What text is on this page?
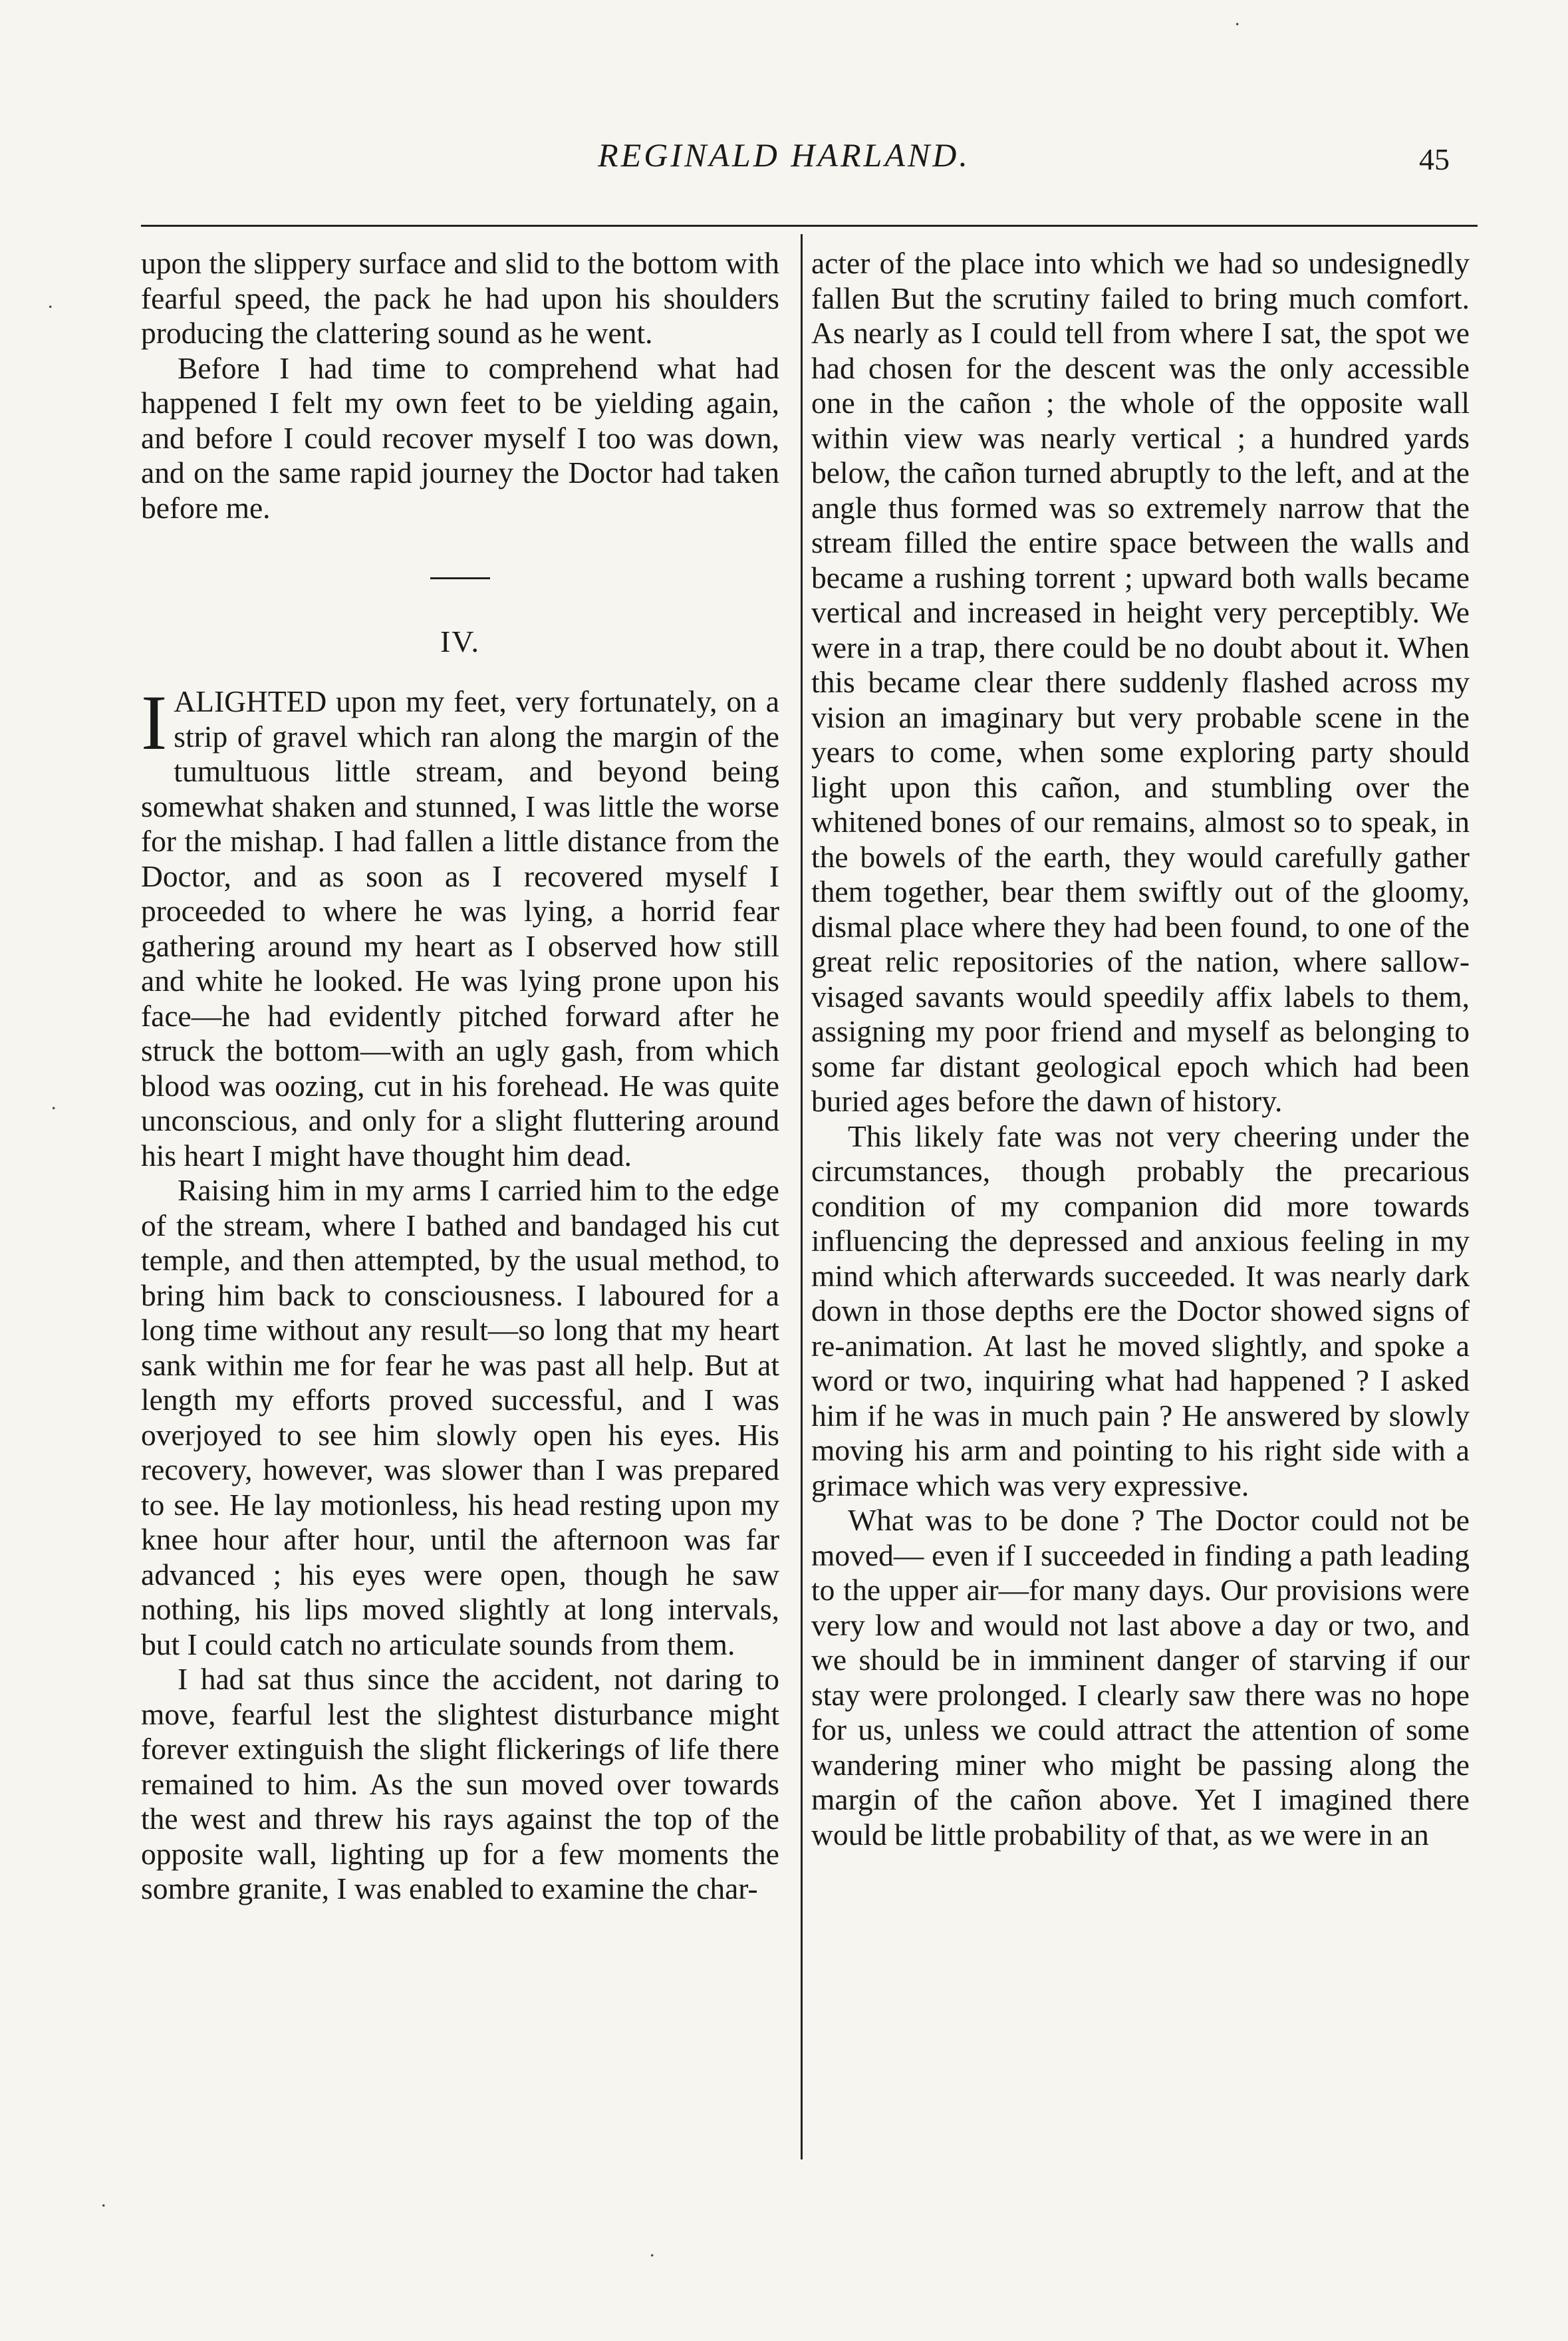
REGINALD HARLAND.	45

upon the slippery surface and slid to the bottom with fearful speed, the pack he had upon his shoulders producing the clattering sound as he went.

Before I had time to comprehend what had happened I felt my own feet to be yielding again, and before I could recover myself I too was down, and on the same rapid journey the Doctor had taken before me.

IV.

IALIGHTED upon my feet, very fortunately, on a strip of gravel which ran along the margin of the tumultuous little stream, and beyond being somewhat shaken and stunned, I was little the worse for the mishap. I had fallen a little distance from the Doctor, and as soon as I recovered myself I proceeded to where he was lying, a horrid fear gathering around my heart as I observed how still and white he looked. He was lying prone upon his face—he had evidently pitched forward after he struck the bottom—with an ugly gash, from which blood was oozing, cut in his forehead. He was quite unconscious, and only for a slight fluttering around his heart I might have thought him dead.

Raising him in my arms I carried him to the edge of the stream, where I bathed and bandaged his cut temple, and then attempted, by the usual method, to bring him back to consciousness. I laboured for a long time without any result—so long that my heart sank within me for fear he was past all help. But at length my efforts proved successful, and I was overjoyed to see him slowly open his eyes. His recovery, however, was slower than I was prepared to see. He lay motionless, his head resting upon my knee hour after hour, until the afternoon was far advanced ; his eyes were open, though he saw nothing, his lips moved slightly at long intervals, but I could catch no articulate sounds from them.

I had sat thus since the accident, not daring to move, fearful lest the slightest disturbance might forever extinguish the slight flickerings of life there remained to him. As the sun moved over towards the west and threw his rays against the top of the opposite wall, lighting up for a few moments the sombre granite, I was enabled to examine the char-

acter of the place into which we had so undesignedly fallen But the scrutiny failed to bring much comfort. As nearly as I could tell from where I sat, the spot we had chosen for the descent was the only accessible one in the cañon ; the whole of the opposite wall within view was nearly vertical ; a hundred yards below, the cañon turned abruptly to the left, and at the angle thus formed was so extremely narrow that the stream filled the entire space between the walls and became a rushing torrent ; upward both walls became vertical and increased in height very perceptibly. We were in a trap, there could be no doubt about it. When this became clear there suddenly flashed across my vision an imaginary but very probable scene in the years to come, when some exploring party should light upon this cañon, and stumbling over the whitened bones of our remains, almost so to speak, in the bowels of the earth, they would carefully gather them together, bear them swiftly out of the gloomy, dismal place where they had been found, to one of the great relic repositories of the nation, where sallow-visaged savants would speedily affix labels to them, assigning my poor friend and myself as belonging to some far distant geological epoch which had been buried ages before the dawn of history.

This likely fate was not very cheering under the circumstances, though probably the precarious condition of my companion did more towards influencing the depressed and anxious feeling in my mind which afterwards succeeded. It was nearly dark down in those depths ere the Doctor showed signs of re-animation. At last he moved slightly, and spoke a word or two, inquiring what had happened ? I asked him if he was in much pain ? He answered by slowly moving his arm and pointing to his right side with a grimace which was very expressive.

What was to be done ? The Doctor could not be moved— even if I succeeded in finding a path leading to the upper air—for many days. Our provisions were very low and would not last above a day or two, and we should be in imminent danger of starving if our stay were prolonged. I clearly saw there was no hope for us, unless we could attract the attention of some wandering miner who might be passing along the margin of the cañon above. Yet I imagined there would be little probability of that, as we were in an

˙
˙
˙
˙
˙
